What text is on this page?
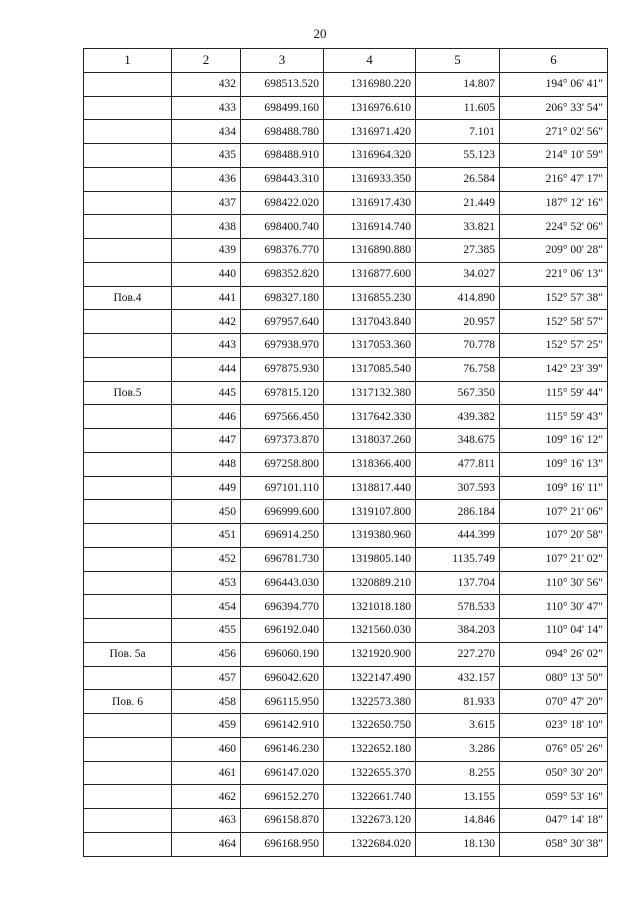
20
1	2	3	4	5	6
	432	698513.520	1316980.220	14.807	194° 06' 41"
	433	698499.160	1316976.610	11.605	206° 33' 54"
	434	698488.780	1316971.420	7.101	271° 02' 56"
	435	698488.910	1316964.320	55.123	214° 10' 59"
	436	698443.310	1316933.350	26.584	216° 47' 17"
	437	698422.020	1316917.430	21.449	187° 12' 16"
	438	698400.740	1316914.740	33.821	224° 52' 06"
	439	698376.770	1316890.880	27.385	209° 00' 28"
	440	698352.820	1316877.600	34.027	221° 06' 13"
Пов.4	441	698327.180	1316855.230	414.890	152° 57' 38"
	442	697957.640	1317043.840	20.957	152° 58' 57"
	443	697938.970	1317053.360	70.778	152° 57' 25"
	444	697875.930	1317085.540	76.758	142° 23' 39"
Пов.5	445	697815.120	1317132.380	567.350	115° 59' 44"
	446	697566.450	1317642.330	439.382	115° 59' 43"
	447	697373.870	1318037.260	348.675	109° 16' 12"
	448	697258.800	1318366.400	477.811	109° 16' 13"
	449	697101.110	1318817.440	307.593	109° 16' 11"
	450	696999.600	1319107.800	286.184	107° 21' 06"
	451	696914.250	1319380.960	444.399	107° 20' 58"
	452	696781.730	1319805.140	1135.749	107° 21' 02"
	453	696443.030	1320889.210	137.704	110° 30' 56"
	454	696394.770	1321018.180	578.533	110° 30' 47"
	455	696192.040	1321560.030	384.203	110° 04' 14"
Пов. 5а	456	696060.190	1321920.900	227.270	094° 26' 02"
	457	696042.620	1322147.490	432.157	080° 13' 50"
Пов. 6	458	696115.950	1322573.380	81.933	070° 47' 20"
	459	696142.910	1322650.750	3.615	023° 18' 10"
	460	696146.230	1322652.180	3.286	076° 05' 26"
	461	696147.020	1322655.370	8.255	050° 30' 20"
	462	696152.270	1322661.740	13.155	059° 53' 16"
	463	696158.870	1322673.120	14.846	047° 14' 18"
	464	696168.950	1322684.020	18.130	058° 30' 38"
